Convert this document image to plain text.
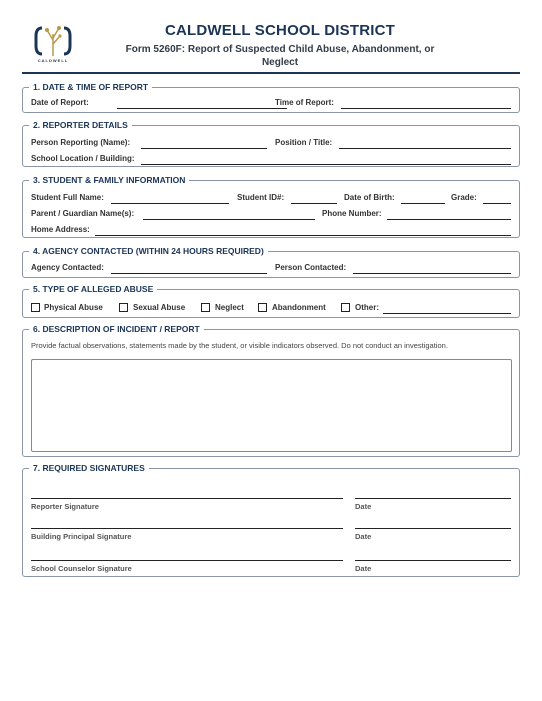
CALDWELL
CALDWELL SCHOOL DISTRICT
Form 5260F: Report of Suspected Child Abuse, Abandonment, or Neglect
1. DATE & TIME OF REPORT
Date of Report:	Time of Report:
2. REPORTER DETAILS
Person Reporting (Name):	Position / Title:
School Location / Building:
3. STUDENT & FAMILY INFORMATION
Student Full Name:	Student ID#:	Date of Birth:	Grade:
Parent / Guardian Name(s):	Phone Number:
Home Address:
4. AGENCY CONTACTED (WITHIN 24 HOURS REQUIRED)
Agency Contacted:	Person Contacted:
5. TYPE OF ALLEGED ABUSE
Physical Abuse	Sexual Abuse	Neglect	Abandonment	Other:
6. DESCRIPTION OF INCIDENT / REPORT
Provide factual observations, statements made by the student, or visible indicators observed. Do not conduct an investigation.
7. REQUIRED SIGNATURES
Reporter Signature	Date
Building Principal Signature	Date
School Counselor Signature	Date
